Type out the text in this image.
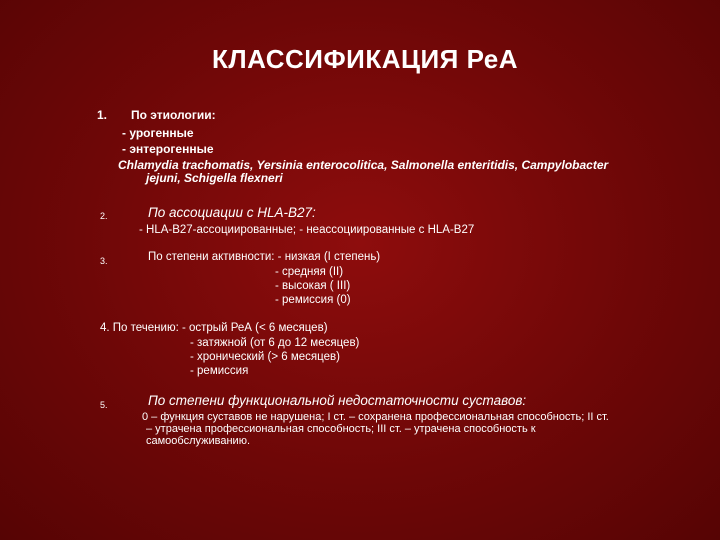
КЛАССИФИКАЦИЯ РеА
1. По этиологии:
- урогенные
- энтерогенные
Chlamydia trachomatis, Yersinia enterocolitica, Salmonella enteritidis, Campylobacter
jejuni, Schigella flexneri
2.	По ассоциации с HLA-B27:
- HLA-B27-ассоциированные; - неассоциированные с HLA-B27
3.	По степени активности: - низкая (I степень)
- средняя (II)
- высокая ( III)
- ремиссия (0)
4. По течению: - острый РеА (< 6 месяцев)
- затяжной (от 6 до 12 месяцев)
- хронический (> 6 месяцев)
- ремиссия
5.	По степени функциональной недостаточности суставов:
0 – функция суставов не нарушена; I ст. – сохранена профессиональная способность; II ст.
– утрачена профессиональная способность; III ст. – утрачена способность к
самообслуживанию.
